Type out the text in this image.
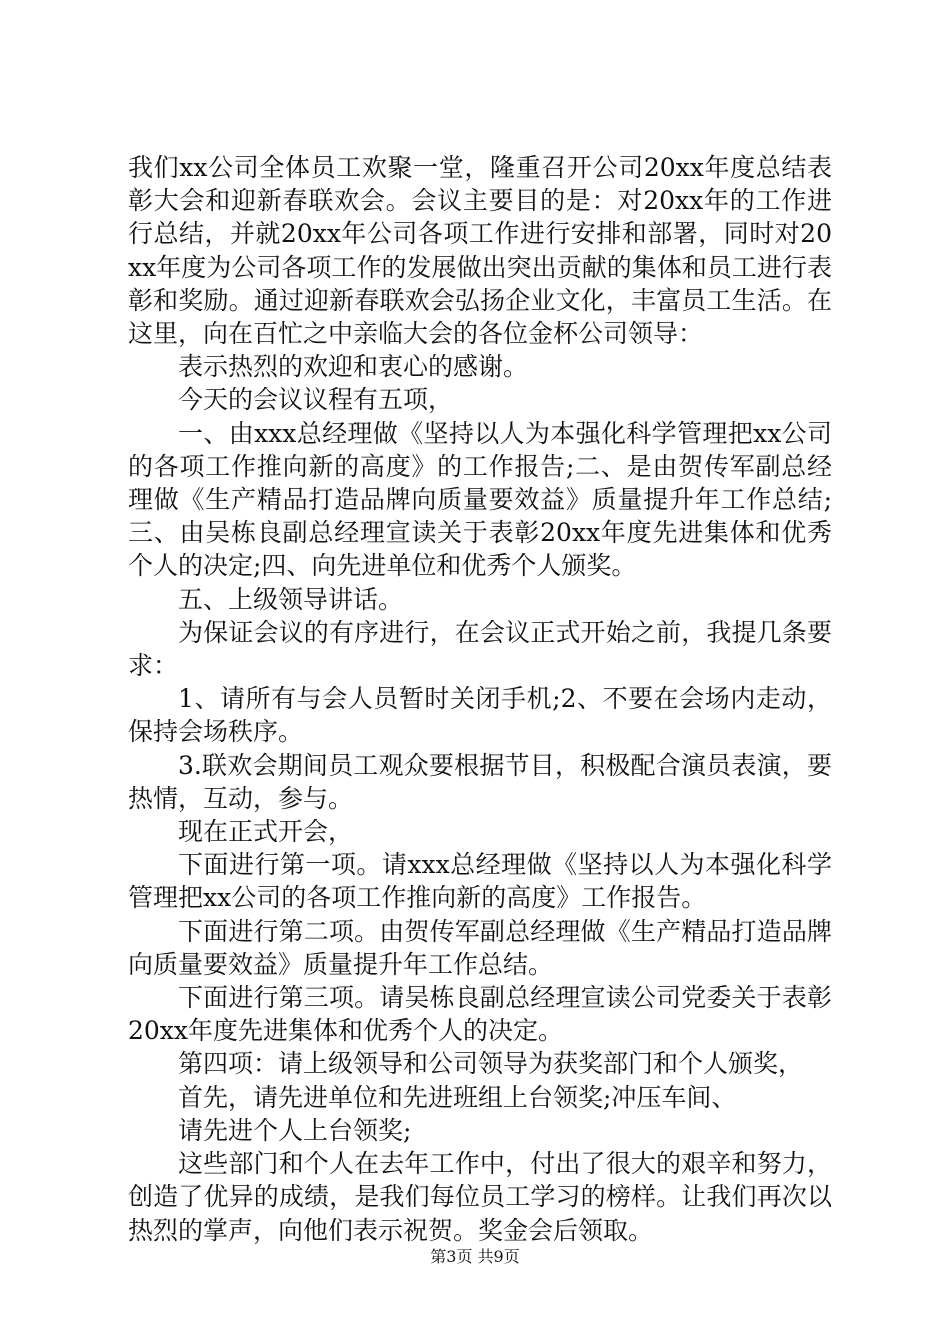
我们xx公司全体员工欢聚一堂，隆重召开公司20xx年度总结表彰大会和迎新春联欢会。会议主要目的是：对20xx年的工作进行总结，并就20xx年公司各项工作进行安排和部署，同时对20xx年度为公司各项工作的发展做出突出贡献的集体和员工进行表彰和奖励。通过迎新春联欢会弘扬企业文化，丰富员工生活。在这里，向在百忙之中亲临大会的各位金杯公司领导：

表示热烈的欢迎和衷心的感谢。

今天的会议议程有五项，

一、由xxx总经理做《坚持以人为本强化科学管理把xx公司的各项工作推向新的高度》的工作报告;二、是由贺传军副总经理做《生产精品打造品牌向质量要效益》质量提升年工作总结;三、由吴栋良副总经理宣读关于表彰20xx年度先进集体和优秀个人的决定;四、向先进单位和优秀个人颁奖。

五、上级领导讲话。

为保证会议的有序进行，在会议正式开始之前，我提几条要求：

1、请所有与会人员暂时关闭手机;2、不要在会场内走动，保持会场秩序。

3.联欢会期间员工观众要根据节目，积极配合演员表演，要热情，互动，参与。

现在正式开会，

下面进行第一项。请xxx总经理做《坚持以人为本强化科学管理把xx公司的各项工作推向新的高度》工作报告。

下面进行第二项。由贺传军副总经理做《生产精品打造品牌向质量要效益》质量提升年工作总结。

下面进行第三项。请吴栋良副总经理宣读公司党委关于表彰20xx年度先进集体和优秀个人的决定。

第四项：请上级领导和公司领导为获奖部门和个人颁奖，

首先，请先进单位和先进班组上台领奖;冲压车间、

请先进个人上台领奖;

这些部门和个人在去年工作中，付出了很大的艰辛和努力，创造了优异的成绩，是我们每位员工学习的榜样。让我们再次以热烈的掌声，向他们表示祝贺。奖金会后领取。

第3页 共9页
